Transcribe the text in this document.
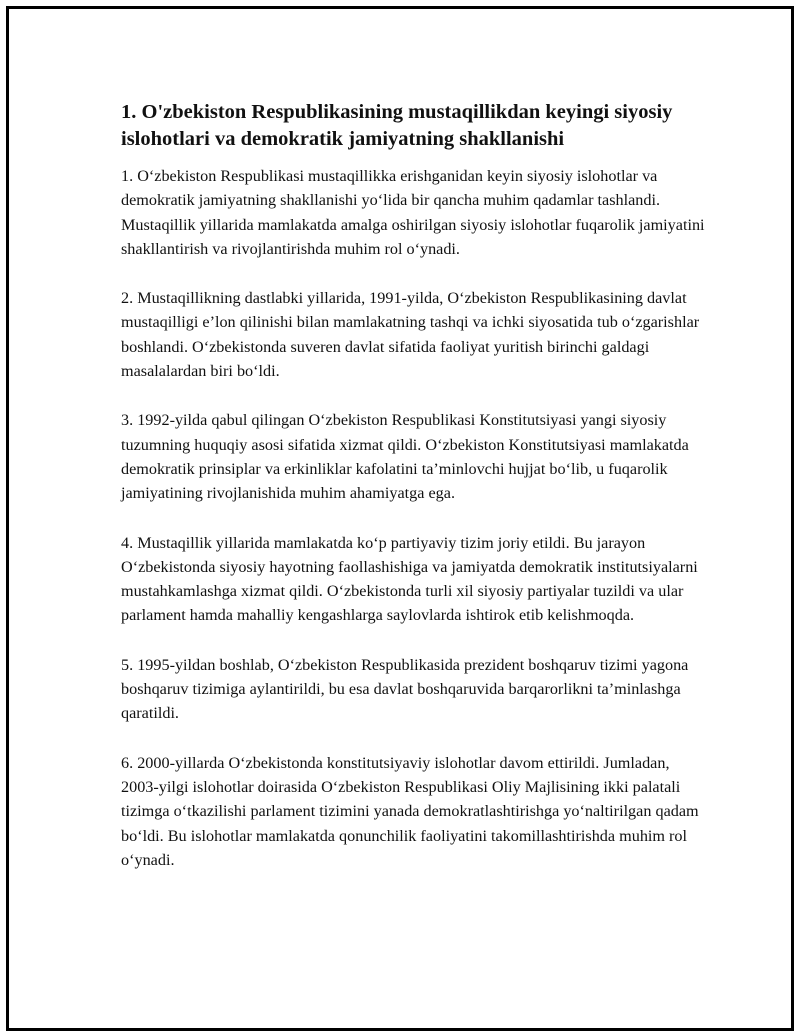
1. O'zbekiston Respublikasining mustaqillikdan keyingi siyosiy islohotlari va demokratik jamiyatning shakllanishi

1. O‘zbekiston Respublikasi mustaqillikka erishganidan keyin siyosiy islohotlar va demokratik jamiyatning shakllanishi yo‘lida bir qancha muhim qadamlar tashlandi. Mustaqillik yillarida mamlakatda amalga oshirilgan siyosiy islohotlar fuqarolik jamiyatini shakllantirish va rivojlantirishda muhim rol o‘ynadi.

2. Mustaqillikning dastlabki yillarida, 1991-yilda, O‘zbekiston Respublikasining davlat mustaqilligi e’lon qilinishi bilan mamlakatning tashqi va ichki siyosatida tub o‘zgarishlar boshlandi. O‘zbekistonda suveren davlat sifatida faoliyat yuritish birinchi galdagi masalalardan biri bo‘ldi.

3. 1992-yilda qabul qilingan O‘zbekiston Respublikasi Konstitutsiyasi yangi siyosiy tuzumning huquqiy asosi sifatida xizmat qildi. O‘zbekiston Konstitutsiyasi mamlakatda demokratik prinsiplar va erkinliklar kafolatini ta’minlovchi hujjat bo‘lib, u fuqarolik jamiyatining rivojlanishida muhim ahamiyatga ega.

4. Mustaqillik yillarida mamlakatda ko‘p partiyaviy tizim joriy etildi. Bu jarayon O‘zbekistonda siyosiy hayotning faollashishiga va jamiyatda demokratik institutsiyalarni mustahkamlashga xizmat qildi. O‘zbekistonda turli xil siyosiy partiyalar tuzildi va ular parlament hamda mahalliy kengashlarga saylovlarda ishtirok etib kelishmoqda.

5. 1995-yildan boshlab, O‘zbekiston Respublikasida prezident boshqaruv tizimi yagona boshqaruv tizimiga aylantirildi, bu esa davlat boshqaruvida barqarorlikni ta’minlashga qaratildi.

6. 2000-yillarda O‘zbekistonda konstitutsiyaviy islohotlar davom ettirildi. Jumladan, 2003-yilgi islohotlar doirasida O‘zbekiston Respublikasi Oliy Majlisining ikki palatali tizimga o‘tkazilishi parlament tizimini yanada demokratlashtirishga yo‘naltirilgan qadam bo‘ldi. Bu islohotlar mamlakatda qonunchilik faoliyatini takomillashtirishda muhim rol o‘ynadi.
